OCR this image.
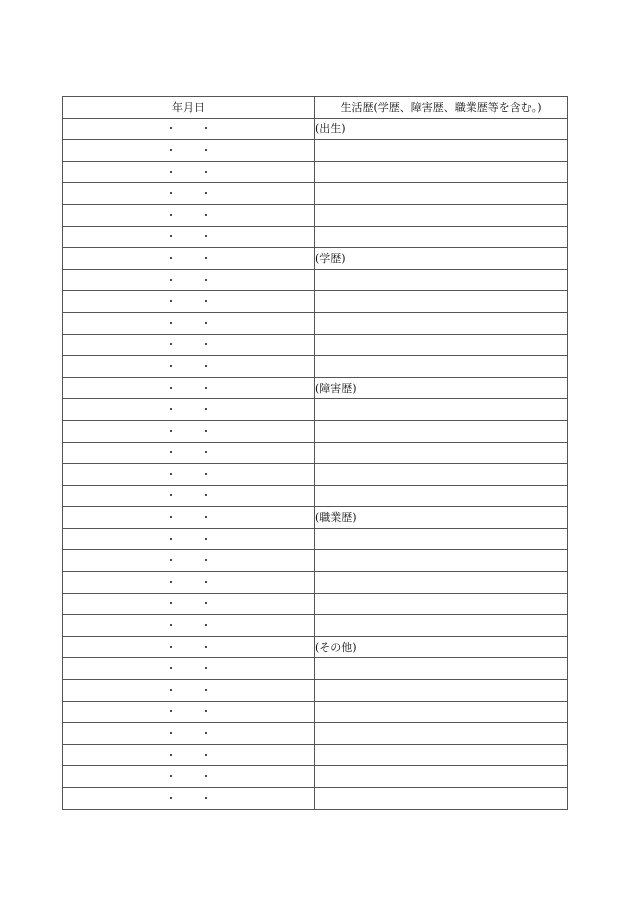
年月日	生活歴(学歴、障害歴、職業歴等を含む。)
・ ・	(出生)
・ ・	
・ ・	
・ ・	
・ ・	
・ ・	
・ ・	(学歴)
・ ・	
・ ・	
・ ・	
・ ・	
・ ・	
・ ・	(障害歴)
・ ・	
・ ・	
・ ・	
・ ・	
・ ・	
・ ・	(職業歴)
・ ・	
・ ・	
・ ・	
・ ・	
・ ・	
・ ・	(その他)
・ ・	
・ ・	
・ ・	
・ ・	
・ ・	
・ ・	
・ ・	
